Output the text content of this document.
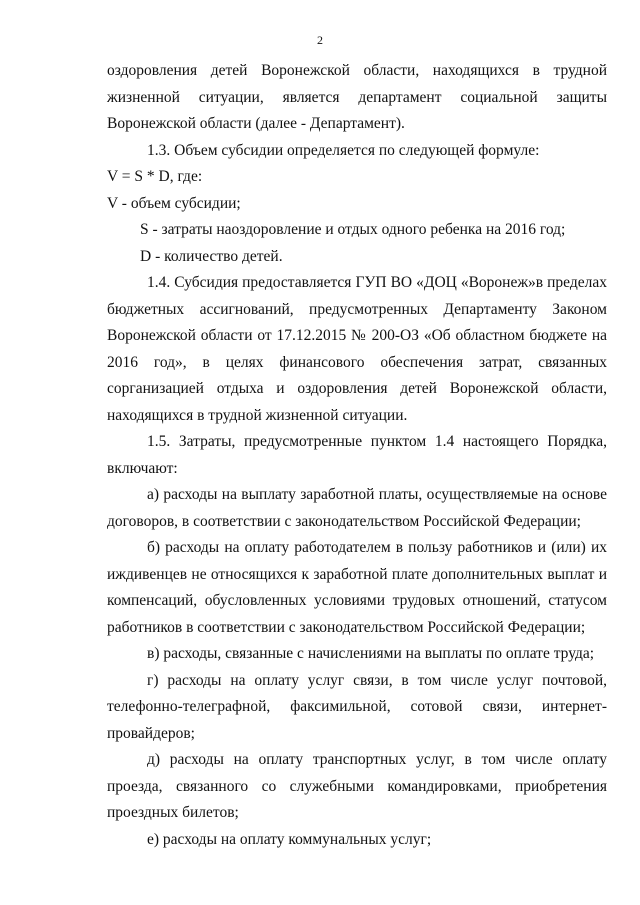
2

оздоровления детей Воронежской области, находящихся в трудной жизненной ситуации, является департамент социальной защиты Воронежской области (далее - Департамент).

1.3. Объем субсидии определяется по следующей формуле:

V = S * D, где:

V - объем субсидии;

S - затраты наоздоровление и отдых одного ребенка на 2016 год;

D - количество детей.

1.4. Субсидия предоставляется ГУП ВО «ДОЦ «Воронеж»в пределах бюджетных ассигнований, предусмотренных Департаменту Законом Воронежской области от 17.12.2015 № 200-ОЗ «Об областном бюджете на 2016 год», в целях финансового обеспечения затрат, связанных сорганизацией отдыха и оздоровления детей Воронежской области, находящихся в трудной жизненной ситуации.

1.5. Затраты, предусмотренные пунктом 1.4 настоящего Порядка, включают:

а) расходы на выплату заработной платы, осуществляемые на основе договоров, в соответствии с законодательством Российской Федерации;

б) расходы на оплату работодателем в пользу работников и (или) их иждивенцев не относящихся к заработной плате дополнительных выплат и компенсаций, обусловленных условиями трудовых отношений, статусом работников в соответствии с законодательством Российской Федерации;

в) расходы, связанные с начислениями на выплаты по оплате труда;

г) расходы на оплату услуг связи, в том числе услуг почтовой, телефонно-телеграфной, факсимильной, сотовой связи, интернет-провайдеров;

д) расходы на оплату транспортных услуг, в том числе оплату проезда, связанного со служебными командировками, приобретения проездных билетов;

е) расходы на оплату коммунальных услуг;
